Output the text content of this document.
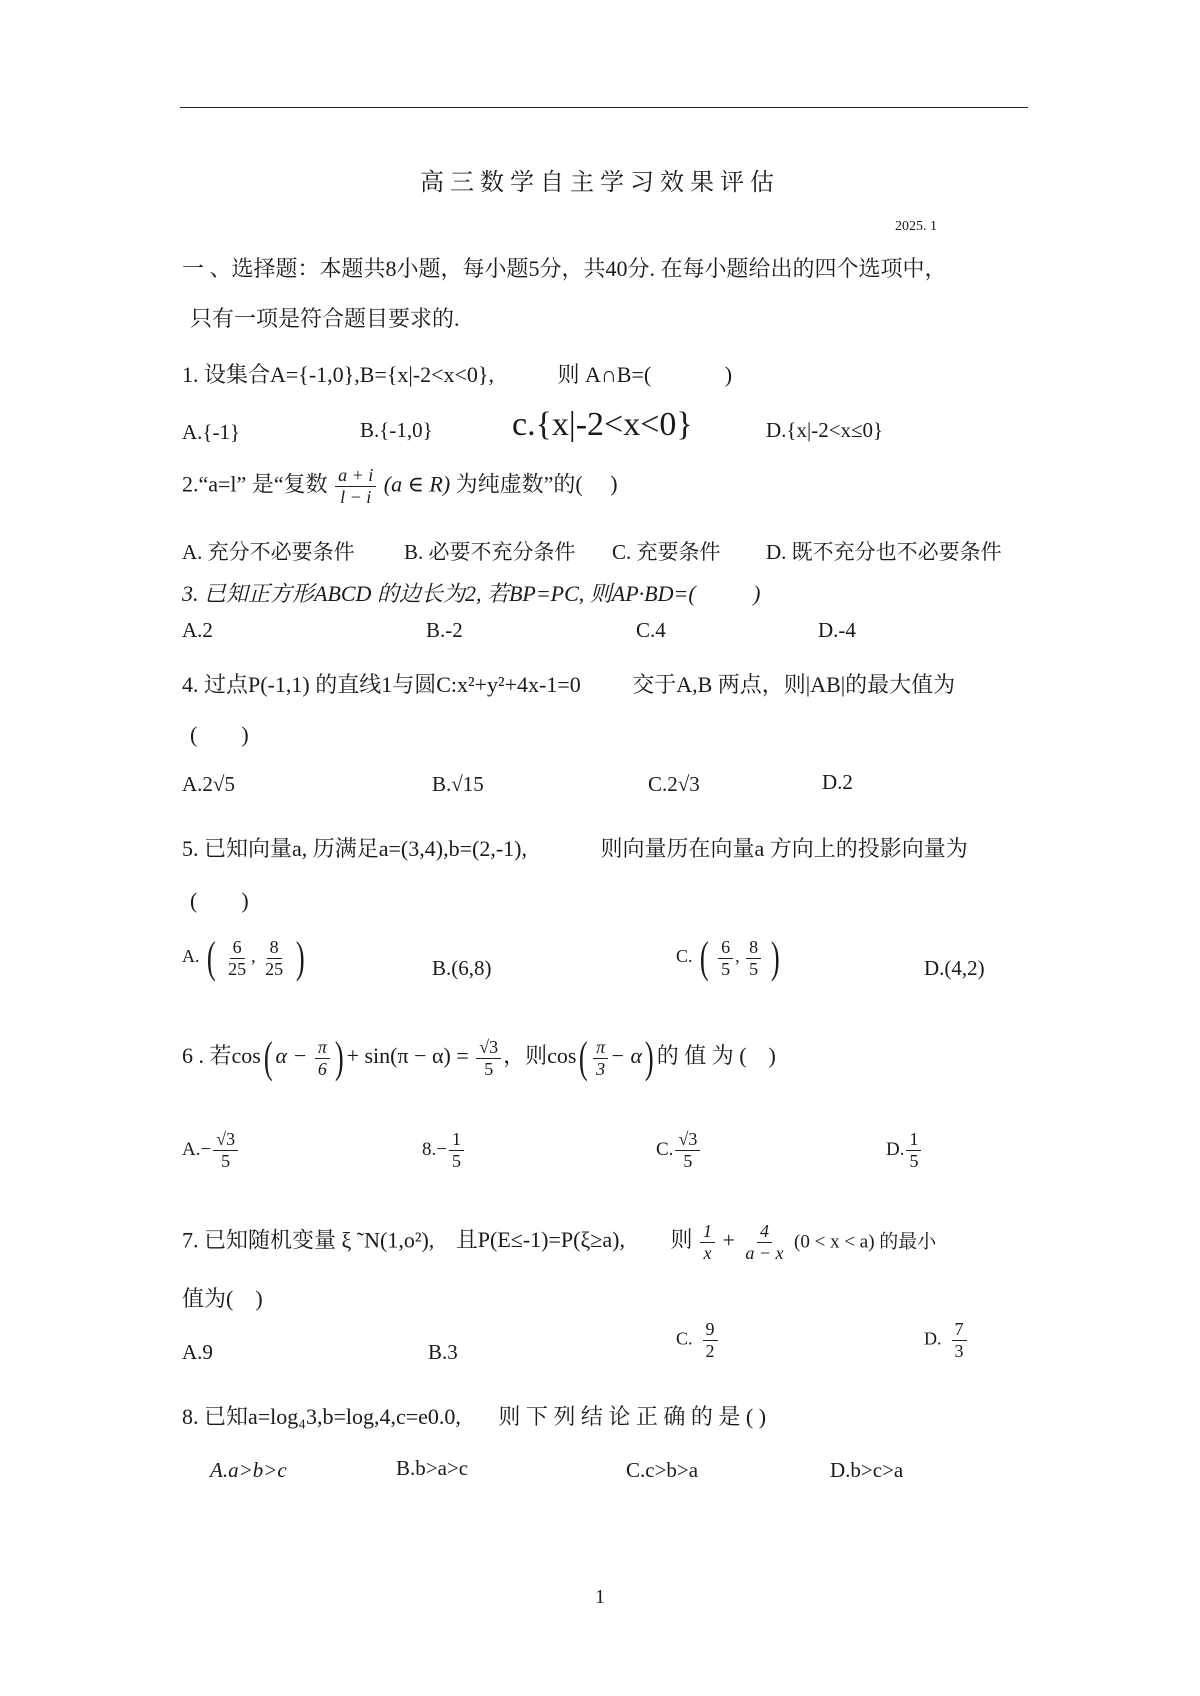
高三数学自主学习效果评估
2025. 1
一 、选择题：本题共8小题，每小题5分，共40分. 在每小题给出的四个选项中，
只有一项是符合题目要求的.
1. 设集合A={-1,0},B={x|-2<x<0},	则 A∩B=(	)
A.{-1}	B.{-1,0} c.{x|-2<x<0}	D.{x|-2<x≤0}
2.“a=l” 是“复数 $\frac{a + i}{l - i} (a$ ∈ R) 为纯虚数”的( )
A. 充分不必要条件 B. 必要不充分条件 C. 充要条件 D. 既不充分也不必要条件
3. 已知正方形ABCD 的边长为2, 若BP=PC, 则AP·BD=(	)
A.2	B.-2	C.4	D.-4
4. 过点P(-1,1) 的直线1与圆C:x²+y²+4x-1=0 交于A,B 两点，则|AB|的最大值为
(　　)
A.2√5	B.√15	C.2√3	D.2
5. 已知向量a, 历满足a=(3,4),b=(2,-1),	则向量历在向量a 方向上的投影向量为
(　　)
A. ( $\frac{6}{25}$ , $\frac{8}{25}$ )	B.(6,8)	C. ( $\frac{6}{5}$ , $\frac{8}{5}$ )	D.(4,2)
6 . 若cos( $\alpha - \frac{\pi}{6}$ ) + $\sin(\pi - \alpha) = \frac{√3}{5}$ ，则$\cos( \frac{\pi}{3} - \alpha)$ 的 值 为 (　)
$A.- \frac{√3}{5}$	$8.- \frac{1}{5}$	C. $\frac{√3}{5}$	D. $\frac{1}{5}$
7. 已知随机变量 ξ ˜N(1,o²), 且P(E≤-1)=P(ξ≥a), 则 $\frac{1}{x} + \frac{4}{a - x} (0 < x < a)$ 的最小
值为(　)
A.9	B.3
C. $\frac{9}{2}$	D. $\frac{7}{3}$
8. 已知a=log₄3,b=log,4,c=e0.0, 则 下 列 结 论 正 确 的 是 ( )
A.a>b>c	B.b>a>c	C.c>b>a	D.b>c>a
1
